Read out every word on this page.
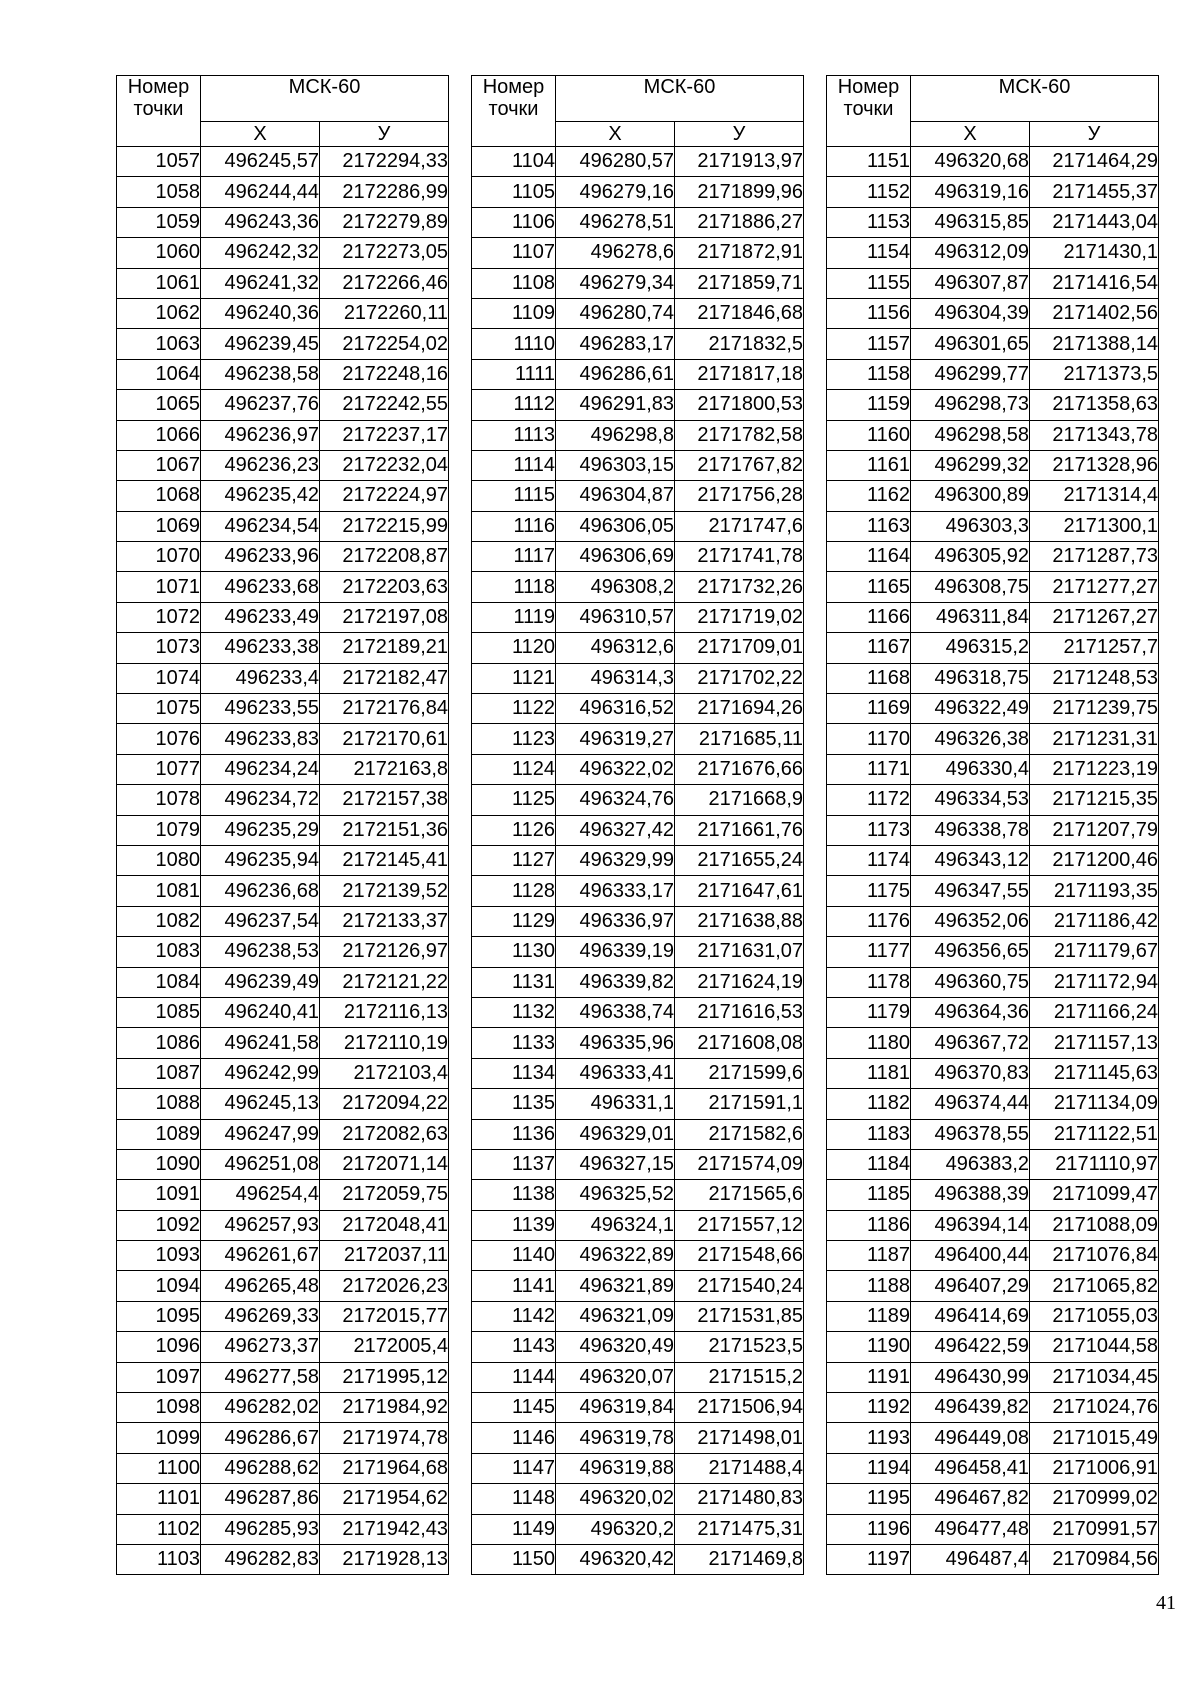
Номер
точки	МСК-60	
	X	У
1057	496245,57	2172294,33
1058	496244,44	2172286,99
1059	496243,36	2172279,89
1060	496242,32	2172273,05
1061	496241,32	2172266,46
1062	496240,36	2172260,11
1063	496239,45	2172254,02
1064	496238,58	2172248,16
1065	496237,76	2172242,55
1066	496236,97	2172237,17
1067	496236,23	2172232,04
1068	496235,42	2172224,97
1069	496234,54	2172215,99
1070	496233,96	2172208,87
1071	496233,68	2172203,63
1072	496233,49	2172197,08
1073	496233,38	2172189,21
1074	496233,4	2172182,47
1075	496233,55	2172176,84
1076	496233,83	2172170,61
1077	496234,24	2172163,8
1078	496234,72	2172157,38
1079	496235,29	2172151,36
1080	496235,94	2172145,41
1081	496236,68	2172139,52
1082	496237,54	2172133,37
1083	496238,53	2172126,97
1084	496239,49	2172121,22
1085	496240,41	2172116,13
1086	496241,58	2172110,19
1087	496242,99	2172103,4
1088	496245,13	2172094,22
1089	496247,99	2172082,63
1090	496251,08	2172071,14
1091	496254,4	2172059,75
1092	496257,93	2172048,41
1093	496261,67	2172037,11
1094	496265,48	2172026,23
1095	496269,33	2172015,77
1096	496273,37	2172005,4
1097	496277,58	2171995,12
1098	496282,02	2171984,92
1099	496286,67	2171974,78
1100	496288,62	2171964,68
1101	496287,86	2171954,62
1102	496285,93	2171942,43
1103	496282,83	2171928,13
Номер
точки	МСК-60	
	X	У
1104	496280,57	2171913,97
1105	496279,16	2171899,96
1106	496278,51	2171886,27
1107	496278,6	2171872,91
1108	496279,34	2171859,71
1109	496280,74	2171846,68
1110	496283,17	2171832,5
1111	496286,61	2171817,18
1112	496291,83	2171800,53
1113	496298,8	2171782,58
1114	496303,15	2171767,82
1115	496304,87	2171756,28
1116	496306,05	2171747,6
1117	496306,69	2171741,78
1118	496308,2	2171732,26
1119	496310,57	2171719,02
1120	496312,6	2171709,01
1121	496314,3	2171702,22
1122	496316,52	2171694,26
1123	496319,27	2171685,11
1124	496322,02	2171676,66
1125	496324,76	2171668,9
1126	496327,42	2171661,76
1127	496329,99	2171655,24
1128	496333,17	2171647,61
1129	496336,97	2171638,88
1130	496339,19	2171631,07
1131	496339,82	2171624,19
1132	496338,74	2171616,53
1133	496335,96	2171608,08
1134	496333,41	2171599,6
1135	496331,1	2171591,1
1136	496329,01	2171582,6
1137	496327,15	2171574,09
1138	496325,52	2171565,6
1139	496324,1	2171557,12
1140	496322,89	2171548,66
1141	496321,89	2171540,24
1142	496321,09	2171531,85
1143	496320,49	2171523,5
1144	496320,07	2171515,2
1145	496319,84	2171506,94
1146	496319,78	2171498,01
1147	496319,88	2171488,4
1148	496320,02	2171480,83
1149	496320,2	2171475,31
1150	496320,42	2171469,8
Номер
точки	МСК-60	
	X	У
1151	496320,68	2171464,29
1152	496319,16	2171455,37
1153	496315,85	2171443,04
1154	496312,09	2171430,1
1155	496307,87	2171416,54
1156	496304,39	2171402,56
1157	496301,65	2171388,14
1158	496299,77	2171373,5
1159	496298,73	2171358,63
1160	496298,58	2171343,78
1161	496299,32	2171328,96
1162	496300,89	2171314,4
1163	496303,3	2171300,1
1164	496305,92	2171287,73
1165	496308,75	2171277,27
1166	496311,84	2171267,27
1167	496315,2	2171257,7
1168	496318,75	2171248,53
1169	496322,49	2171239,75
1170	496326,38	2171231,31
1171	496330,4	2171223,19
1172	496334,53	2171215,35
1173	496338,78	2171207,79
1174	496343,12	2171200,46
1175	496347,55	2171193,35
1176	496352,06	2171186,42
1177	496356,65	2171179,67
1178	496360,75	2171172,94
1179	496364,36	2171166,24
1180	496367,72	2171157,13
1181	496370,83	2171145,63
1182	496374,44	2171134,09
1183	496378,55	2171122,51
1184	496383,2	2171110,97
1185	496388,39	2171099,47
1186	496394,14	2171088,09
1187	496400,44	2171076,84
1188	496407,29	2171065,82
1189	496414,69	2171055,03
1190	496422,59	2171044,58
1191	496430,99	2171034,45
1192	496439,82	2171024,76
1193	496449,08	2171015,49
1194	496458,41	2171006,91
1195	496467,82	2170999,02
1196	496477,48	2170991,57
1197	496487,4	2170984,56
41
